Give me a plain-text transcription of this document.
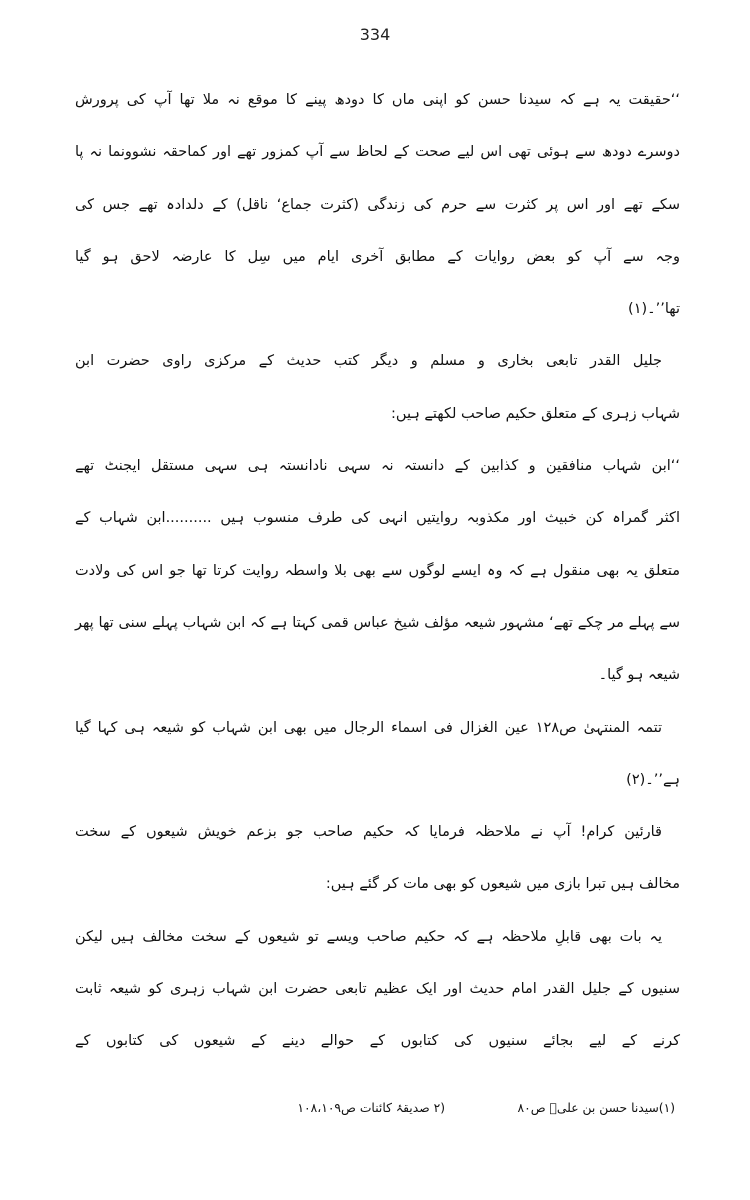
334
‘‘حقیقت یہ ہے کہ سیدنا حسن کو اپنی ماں کا دودھ پینے کا موقع نہ ملا تھا آپ کی پرورش
دوسرے دودھ سے ہوئی تھی اس لیے صحت کے لحاظ سے آپ کمزور تھے اور کماحقہ نشوونما نہ پا
سکے تھے اور اس پر کثرت سے حرم کی زندگی (کثرت جماع‘ ناقل) کے دلدادہ تھے جس کی
وجہ سے آپ کو بعض روایات کے مطابق آخری ایام میں سِل کا عارضہ لاحق ہو گیا
تھا’’۔(۱)
جلیل القدر تابعی بخاری و مسلم و دیگر کتب حدیث کے مرکزی راوی حضرت ابن
شہاب زہری کے متعلق حکیم صاحب لکھتے ہیں:
‘‘ابن شہاب منافقین و کذابین کے دانستہ نہ سہی نادانستہ ہی سہی مستقل ایجنٹ تھے
اکثر گمراہ کن خبیث اور مکذوبہ روایتیں انہی کی طرف منسوب ہیں ..........ابن شہاب کے
متعلق یہ بھی منقول ہے کہ وہ ایسے لوگوں سے بھی بلا واسطہ روایت کرتا تھا جو اس کی ولادت
سے پہلے مر چکے تھے‘ مشہور شیعہ مؤلف شیخ عباس قمی کہتا ہے کہ ابن شہاب پہلے سنی تھا پھر
شیعہ ہو گیا۔
تتمہ المنتہیٰ ص۱۲۸ عین الغزال فی اسماء الرجال میں بھی ابن شہاب کو شیعہ ہی کہا گیا
ہے’’۔(۲)
قارئین کرام! آپ نے ملاحظہ فرمایا کہ حکیم صاحب جو بزعم خویش شیعوں کے سخت
مخالف ہیں تبرا بازی میں شیعوں کو بھی مات کر گئے ہیں:
یہ بات بھی قابلِ ملاحظہ ہے کہ حکیم صاحب ویسے تو شیعوں کے سخت مخالف ہیں لیکن
سنیوں کے جلیل القدر امام حدیث اور ایک عظیم تابعی حضرت ابن شہاب زہری کو شیعہ ثابت
کرنے کے لیے بجائے سنیوں کی کتابوں کے حوالے دینے کے شیعوں کی کتابوں کے
(۱)سیدنا حسن بن علیؓ ص۸۰
(۲ صدیقۂ کائنات ص۱۰۸،۱۰۹
